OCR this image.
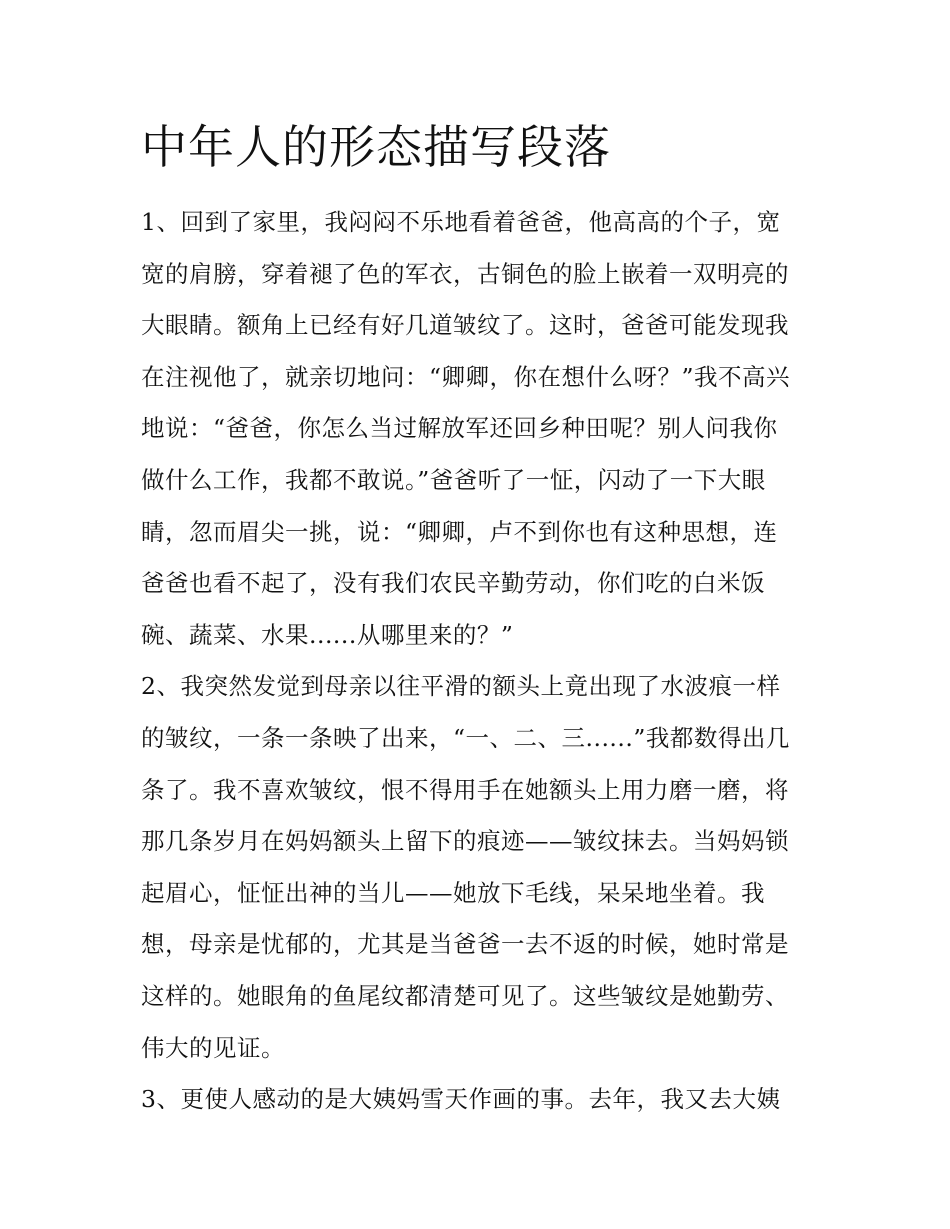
中年人的形态描写段落
1、回到了家里，我闷闷不乐地看着爸爸，他高高的个子，宽
宽的肩膀，穿着褪了色的军衣，古铜色的脸上嵌着一双明亮的
大眼睛。额角上已经有好几道皱纹了。这时，爸爸可能发现我
在注视他了，就亲切地问：“卿卿，你在想什么呀？”我不高兴
地说：“爸爸，你怎么当过解放军还回乡种田呢？别人问我你
做什么工作，我都不敢说。”爸爸听了一怔，闪动了一下大眼
睛，忽而眉尖一挑，说：“卿卿，卢不到你也有这种思想，连
爸爸也看不起了，没有我们农民辛勤劳动，你们吃的白米饭
碗、蔬菜、水果......从哪里来的？”
2、我突然发觉到母亲以往平滑的额头上竟出现了水波痕一样
的皱纹，一条一条映了出来，“一、二、三......”我都数得出几
条了。我不喜欢皱纹，恨不得用手在她额头上用力磨一磨，将
那几条岁月在妈妈额头上留下的痕迹——皱纹抹去。当妈妈锁
起眉心，怔怔出神的当儿——她放下毛线，呆呆地坐着。我
想，母亲是忧郁的，尤其是当爸爸一去不返的时候，她时常是
这样的。她眼角的鱼尾纹都清楚可见了。这些皱纹是她勤劳、
伟大的见证。
3、更使人感动的是大姨妈雪天作画的事。去年，我又去大姨
